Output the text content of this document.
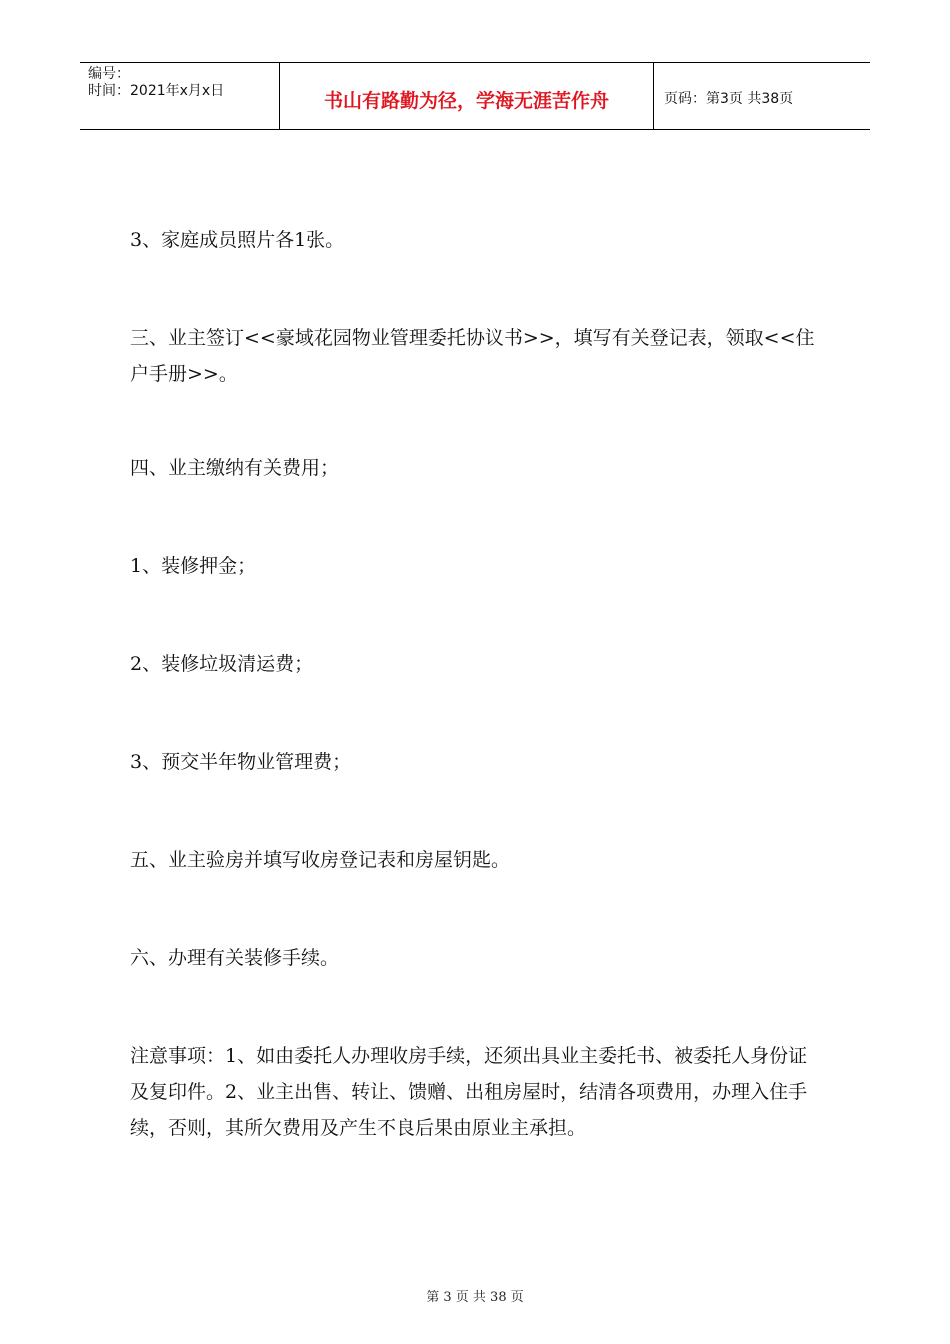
编号：
时间：2021年x月x日	书山有路勤为径，学海无涯苦作舟	页码：第3页 共38页

3、家庭成员照片各1张。

三、业主签订<<豪域花园物业管理委托协议书>>，填写有关登记表，领取<<住户手册>>。

四、业主缴纳有关费用；

1、装修押金；

2、装修垃圾清运费；

3、预交半年物业管理费；

五、业主验房并填写收房登记表和房屋钥匙。

六、办理有关装修手续。

注意事项：1、如由委托人办理收房手续，还须出具业主委托书、被委托人身份证及复印件。2、业主出售、转让、馈赠、出租房屋时，结清各项费用，办理入住手续，否则，其所欠费用及产生不良后果由原业主承担。

第 3 页 共 38 页
